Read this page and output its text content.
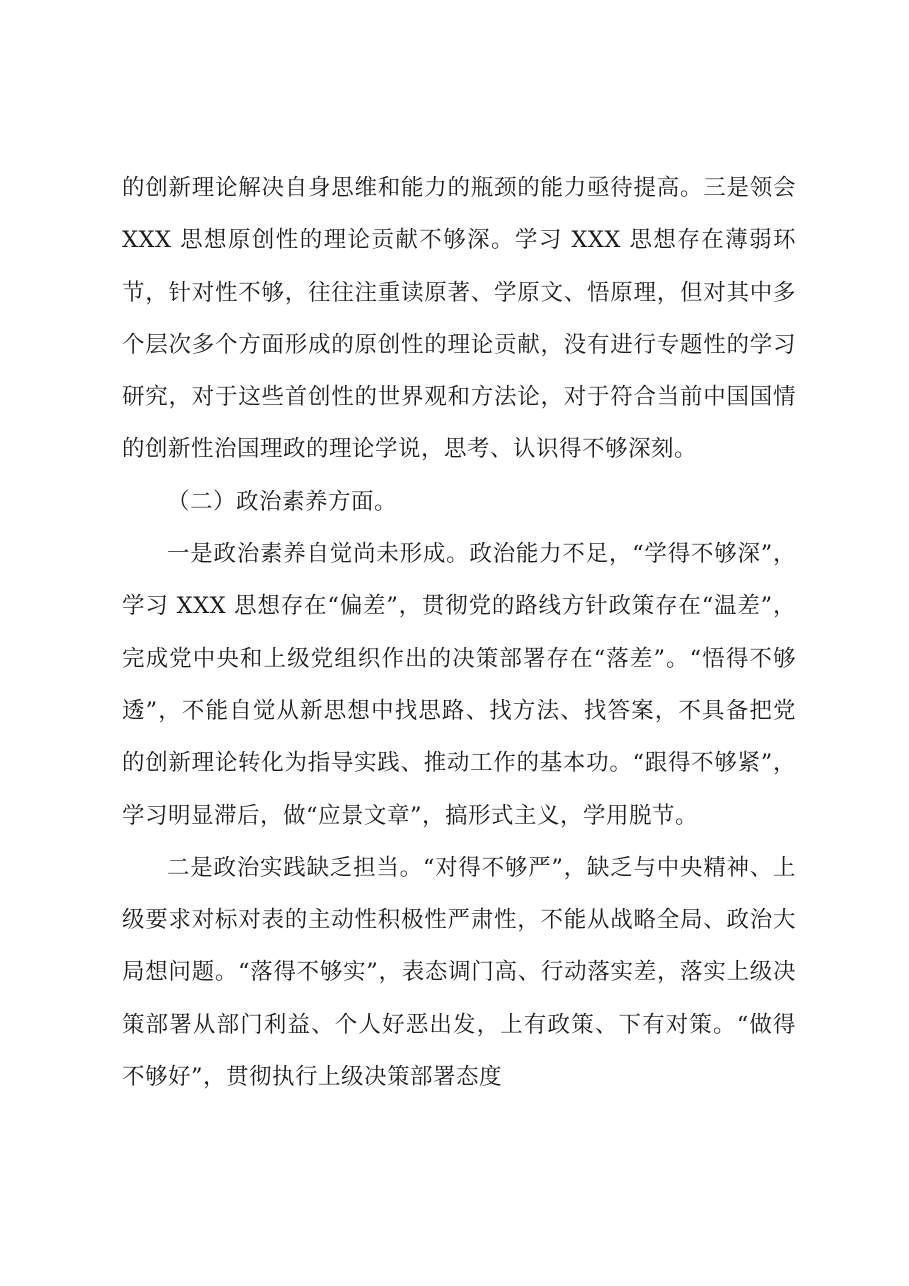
的创新理论解决自身思维和能力的瓶颈的能力亟待提高。三是领会 XXX 思想原创性的理论贡献不够深。学习 XXX 思想存在薄弱环节，针对性不够，往往注重读原著、学原文、悟原理，但对其中多个层次多个方面形成的原创性的理论贡献，没有进行专题性的学习研究，对于这些首创性的世界观和方法论，对于符合当前中国国情的创新性治国理政的理论学说，思考、认识得不够深刻。

（二）政治素养方面。

一是政治素养自觉尚未形成。政治能力不足，“学得不够深”，学习 XXX 思想存在“偏差”，贯彻党的路线方针政策存在“温差”，完成党中央和上级党组织作出的决策部署存在“落差”。“悟得不够透”，不能自觉从新思想中找思路、找方法、找答案，不具备把党的创新理论转化为指导实践、推动工作的基本功。“跟得不够紧”，学习明显滞后，做“应景文章”，搞形式主义，学用脱节。

二是政治实践缺乏担当。“对得不够严”，缺乏与中央精神、上级要求对标对表的主动性积极性严肃性，不能从战略全局、政治大局想问题。“落得不够实”，表态调门高、行动落实差，落实上级决策部署从部门利益、个人好恶出发，上有政策、下有对策。“做得不够好”，贯彻执行上级决策部署态度
